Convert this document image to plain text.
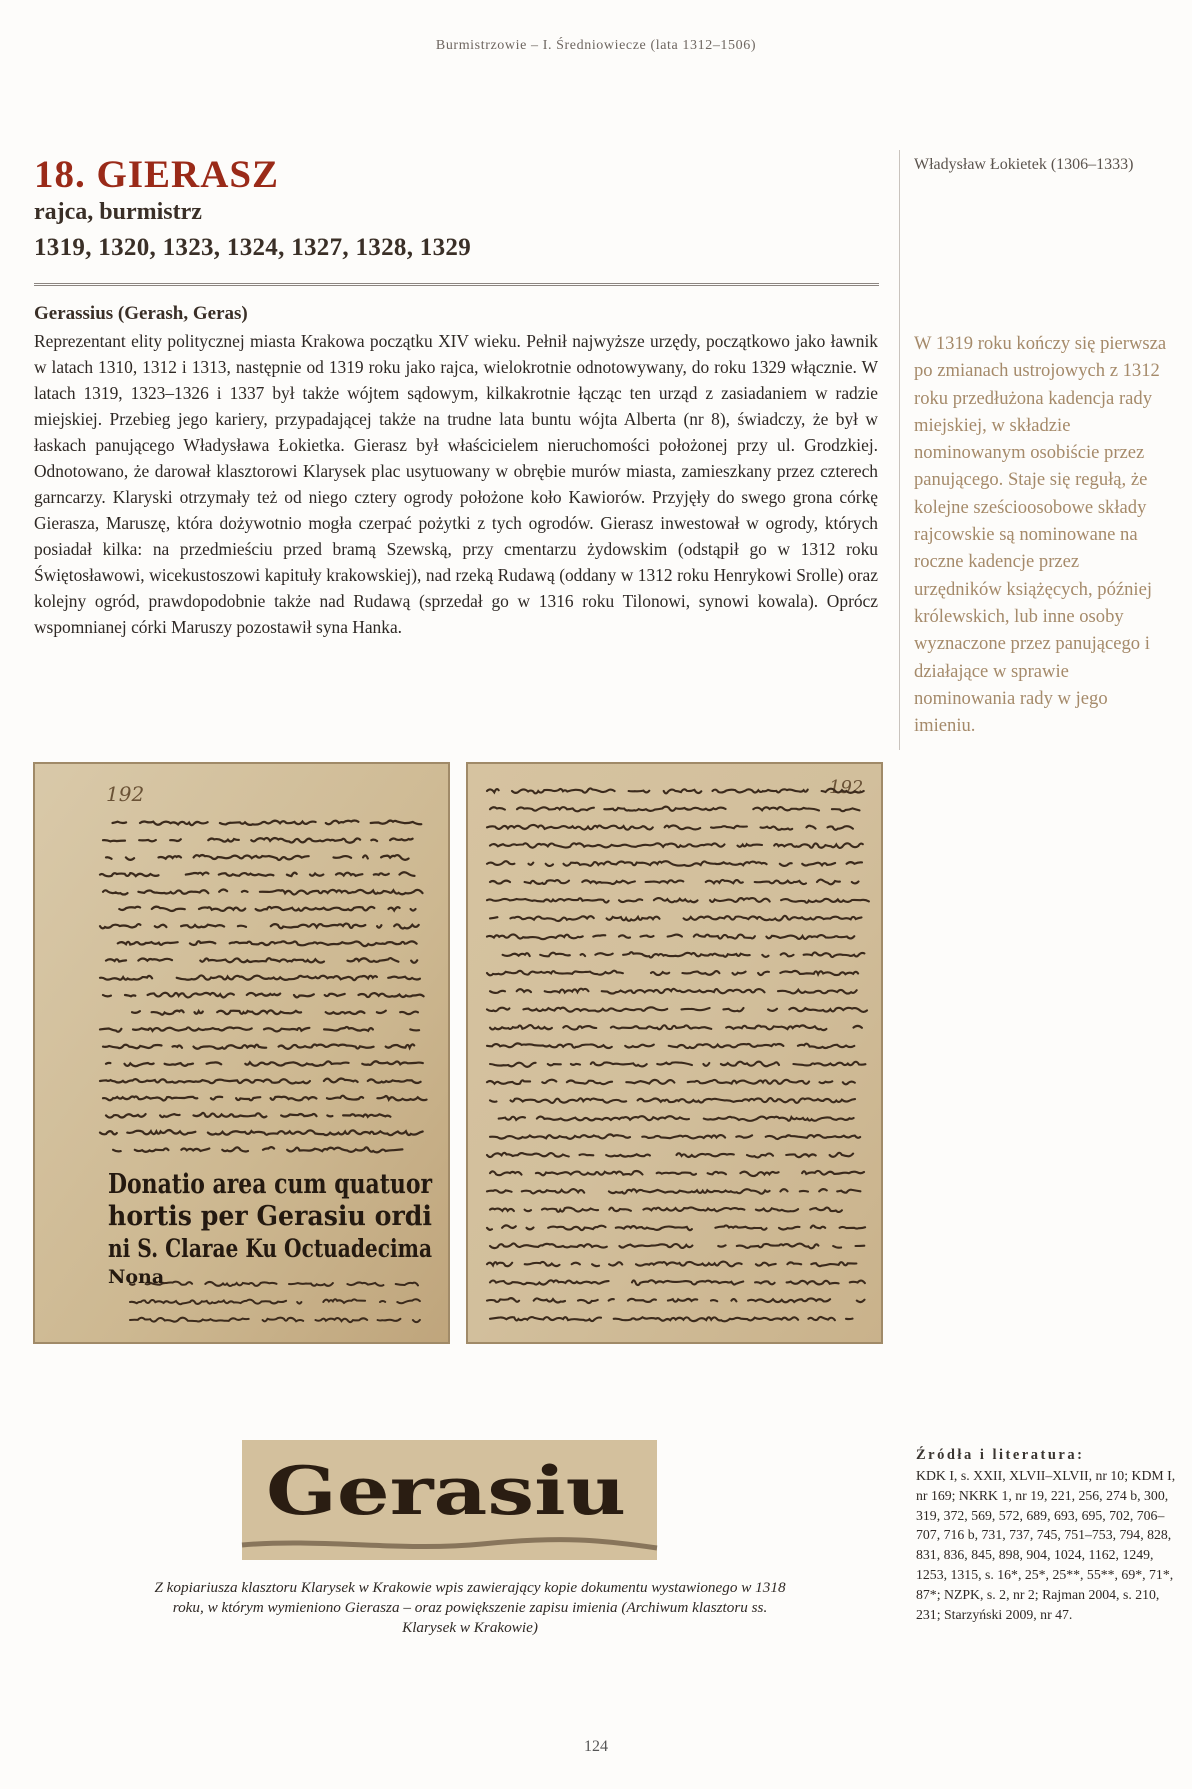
Burmistrzowie – I. Średniowiecze (lata 1312–1506)
18. GIERASZ
rajca, burmistrz
1319, 1320, 1323, 1324, 1327, 1328, 1329
Władysław Łokietek (1306–1333)
Gerassius (Gerash, Geras)

Reprezentant elity politycznej miasta Krakowa początku XIV wieku. Pełnił najwyższe urzędy, początkowo jako ławnik w latach 1310, 1312 i 1313, następnie od 1319 roku jako rajca, wielokrotnie odnotowywany, do roku 1329 włącznie. W latach 1319, 1323–1326 i 1337 był także wójtem sądowym, kilkakrotnie łącząc ten urząd z zasiadaniem w radzie miejskiej. Przebieg jego kariery, przypadającej także na trudne lata buntu wójta Alberta (nr 8), świadczy, że był w łaskach panującego Władysława Łokietka. Gierasz był właścicielem nieruchomości położonej przy ul. Grodzkiej. Odnotowano, że darował klasztorowi Klarysek plac usytuowany w obrębie murów miasta, zamieszkany przez czterech garncarzy. Klaryski otrzymały też od niego cztery ogrody położone koło Kawiorów. Przyjęły do swego grona córkę Gierasza, Maruszę, która dożywotnio mogła czerpać pożytki z tych ogrodów. Gierasz inwestował w ogrody, których posiadał kilka: na przedmieściu przed bramą Szewską, przy cmentarzu żydowskim (odstąpił go w 1312 roku Świętosławowi, wicekustoszowi kapituły krakowskiej), nad rzeką Rudawą (oddany w 1312 roku Henrykowi Srolle) oraz kolejny ogród, prawdopodobnie także nad Rudawą (sprzedał go w 1316 roku Tilonowi, synowi kowala). Oprócz wspomnianej córki Maruszy pozostawił syna Hanka.

W 1319 roku kończy się pierwsza po zmianach ustrojowych z 1312 roku przedłużona kadencja rady miejskiej, w składzie nominowanym osobiście przez panującego. Staje się regułą, że kolejne sześcioosobowe składy rajcowskie są nominowane na roczne kadencje przez urzędników książęcych, później królewskich, lub inne osoby wyznaczone przez panującego i działające w sprawie nominowania rady w jego imieniu.

192
Donatio area cum quatuor
hortis per Gerasiu ordi
ni S. Clarae Ku Octuadecima
Nona
192
Gerasiu

Z kopiariusza klasztoru Klarysek w Krakowie wpis zawierający kopie dokumentu wystawionego w 1318 roku, w którym wymieniono Gierasza – oraz powiększenie zapisu imienia (Archiwum klasztoru ss. Klarysek w Krakowie)

Źródła i literatura:

KDK I, s. XXII, XLVII–XLVII, nr 10; KDM I, nr 169; NKRK 1, nr 19, 221, 256, 274 b, 300, 319, 372, 569, 572, 689, 693, 695, 702, 706–707, 716 b, 731, 737, 745, 751–753, 794, 828, 831, 836, 845, 898, 904, 1024, 1162, 1249, 1253, 1315, s. 16*, 25*, 25**, 55**, 69*, 71*, 87*; NZPK, s. 2, nr 2; Rajman 2004, s. 210, 231; Starzyński 2009, nr 47.

124
